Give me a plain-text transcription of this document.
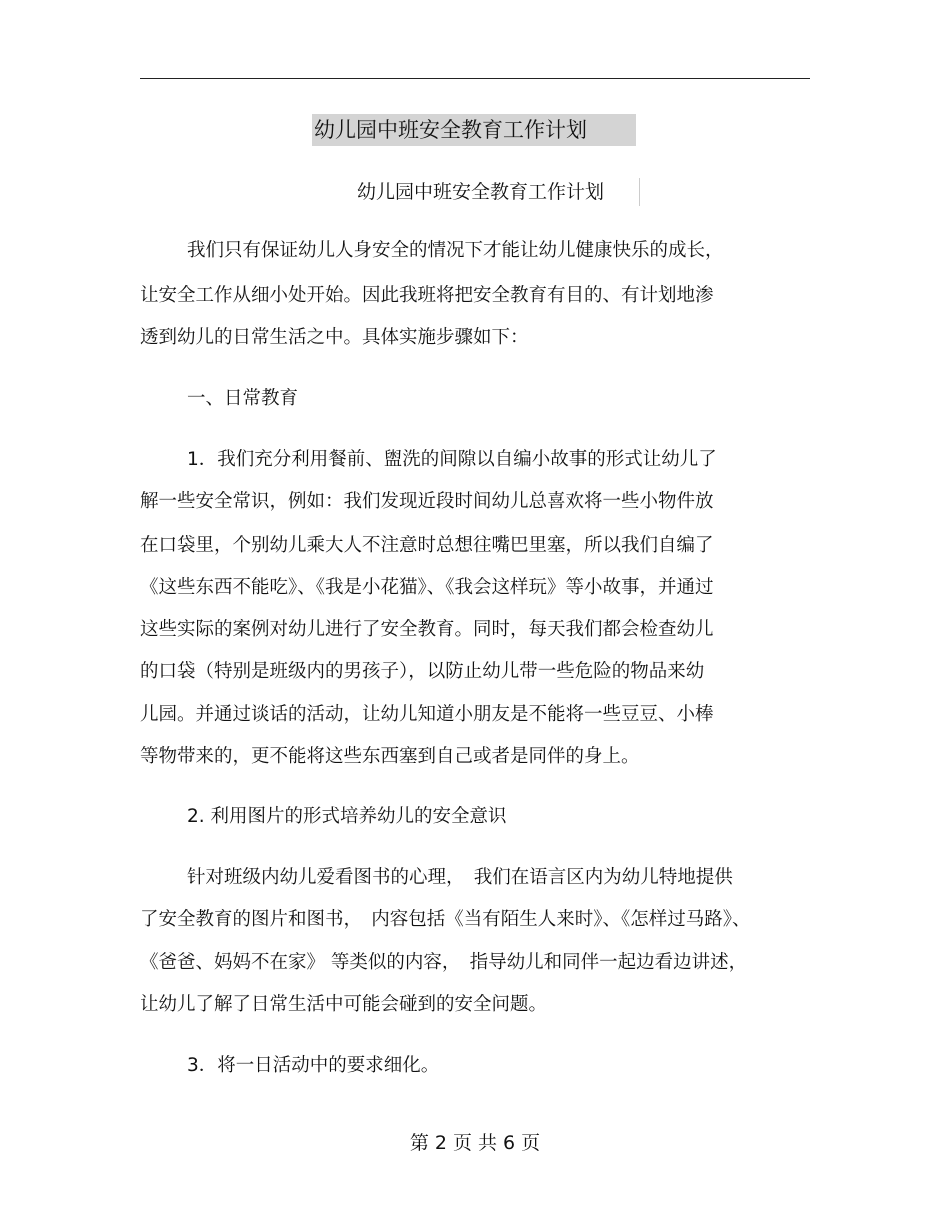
幼儿园中班安全教育工作计划
幼儿园中班安全教育工作计划
我们只有保证幼儿人身安全的情况下才能让幼儿健康快乐的成长，
让安全工作从细小处开始。因此我班将把安全教育有目的、有计划地渗
透到幼儿的日常生活之中。具体实施步骤如下：
一、日常教育
1．我们充分利用餐前、盥洗的间隙以自编小故事的形式让幼儿了
解一些安全常识，例如：我们发现近段时间幼儿总喜欢将一些小物件放
在口袋里，个别幼儿乘大人不注意时总想往嘴巴里塞，所以我们自编了
《这些东西不能吃》、《我是小花猫》、《我会这样玩》等小故事，并通过
这些实际的案例对幼儿进行了安全教育。同时，每天我们都会检查幼儿
的口袋（特别是班级内的男孩子），以防止幼儿带一些危险的物品来幼
儿园。并通过谈话的活动，让幼儿知道小朋友是不能将一些豆豆、小棒
等物带来的，更不能将这些东西塞到自己或者是同伴的身上。
2. 利用图片的形式培养幼儿的安全意识
针对班级内幼儿爱看图书的心理，　我们在语言区内为幼儿特地提供
了安全教育的图片和图书，　内容包括《当有陌生人来时》、《怎样过马路》、
《爸爸、妈妈不在家》 等类似的内容，　指导幼儿和同伴一起边看边讲述，
让幼儿了解了日常生活中可能会碰到的安全问题。
3．将一日活动中的要求细化。
第 2 页 共 6 页
